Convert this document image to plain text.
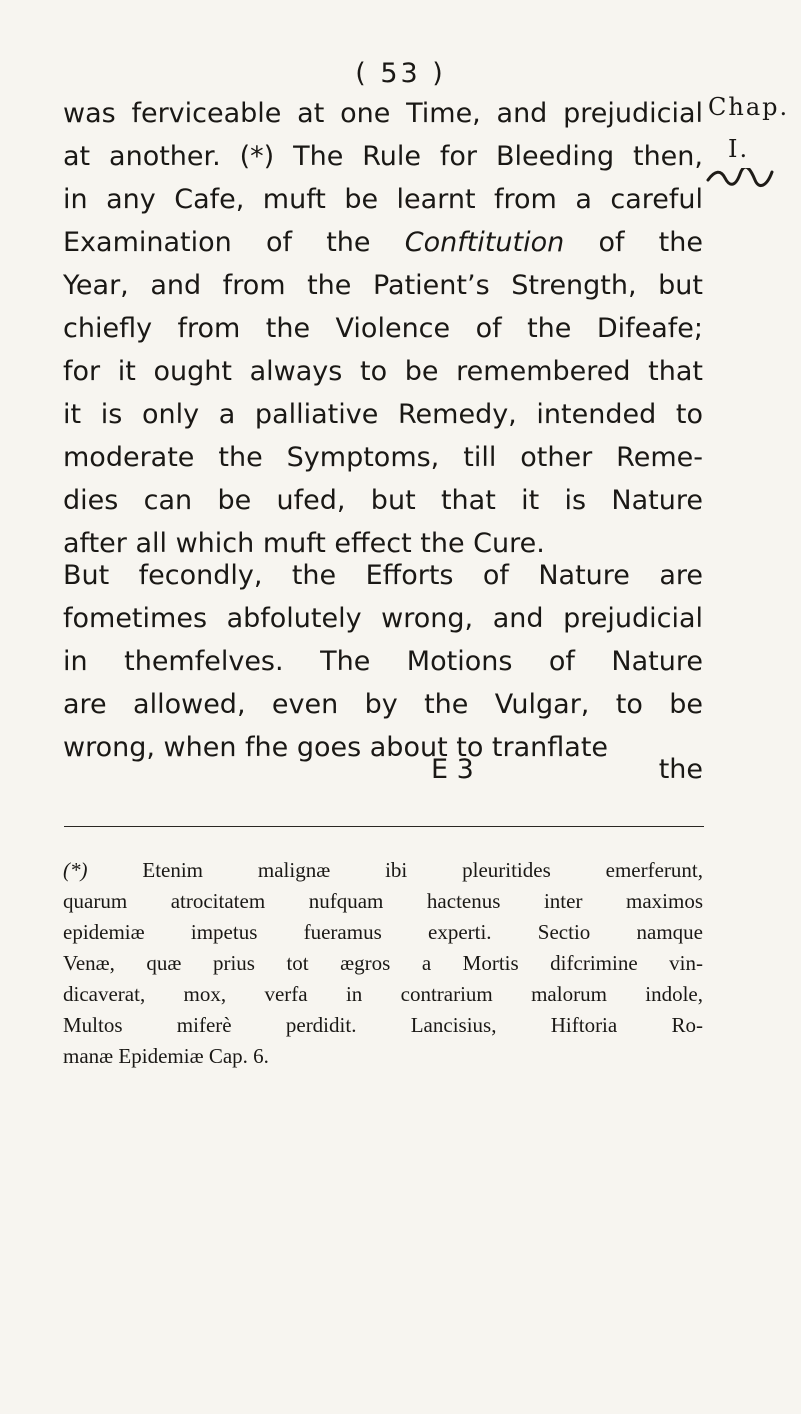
( 53 )
Chap.
I.
was ferviceable at one Time, and prejudicial
at another. (*) The Rule for Bleeding then,
in any Cafe, muft be learnt from a careful
Examination of the Conftitution of the
Year, and from the Patient’s Strength, but
chiefly from the Violence of the Difeafe;
for it ought always to be remembered that
it is only a palliative Remedy, intended to
moderate the Symptoms, till other Reme-
dies can be ufed, but that it is Nature
after all which muft effect the Cure.
But fecondly, the Efforts of Nature are
fometimes abfolutely wrong, and prejudicial
in themfelves. The Motions of Nature
are allowed, even by the Vulgar, to be
wrong, when fhe goes about to tranflate
E 3	the
(*) Etenim malignæ ibi pleuritides emerferunt,
quarum atrocitatem nufquam hactenus inter maximos
epidemiæ impetus fueramus experti. Sectio namque
Venæ, quæ prius tot ægros a Mortis difcrimine vin-
dicaverat, mox, verfa in contrarium malorum indole,
Multos miferè perdidit. Lancisius, Hiftoria Ro-
manæ Epidemiæ Cap. 6.
